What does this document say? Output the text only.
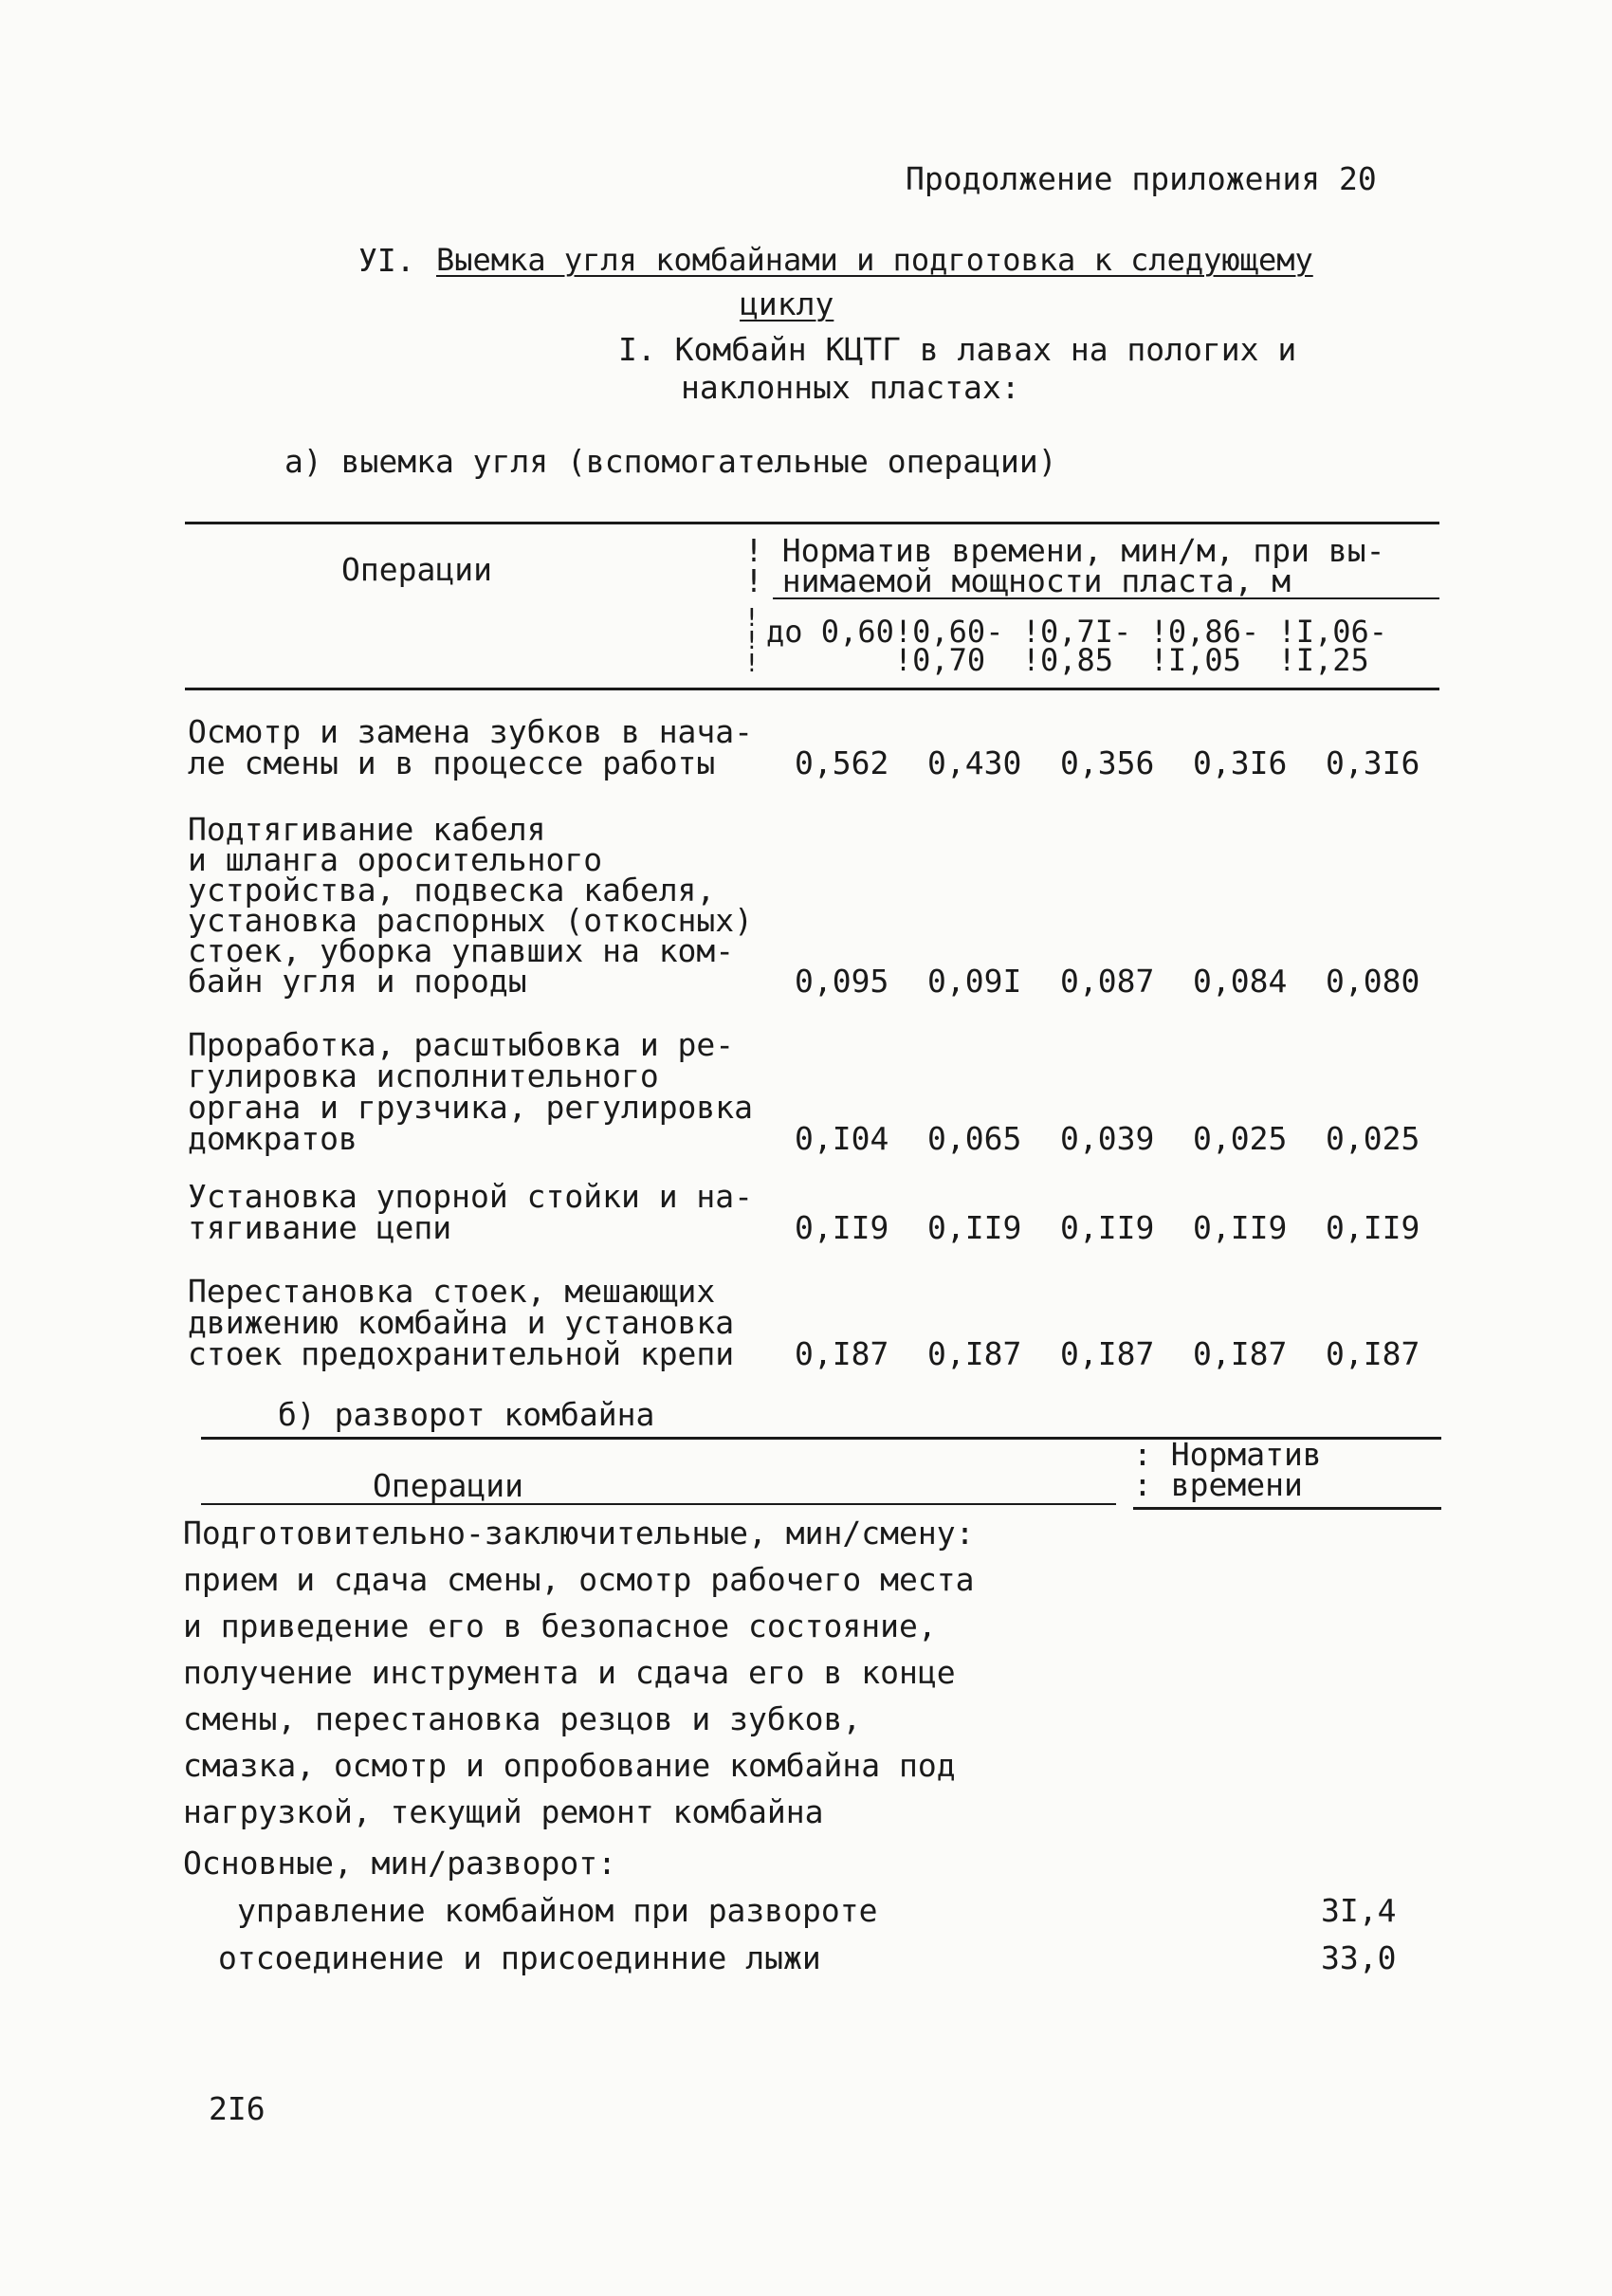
Продолжение приложения 20
УI. Выемка угля комбайнами и подготовка к следующему
циклу
I. Комбайн КЦТГ в лавах на пологих и
наклонных пластах:
а) выемка угля (вспомогательные операции)
Операции
! Норматив времени, мин/м, при вы-
! нимаемой мощности пласта, м
!
!
!
до 0,60!0,60- !0,7I- !0,86- !I,06-
!0,70  !0,85  !I,05  !I,25
Осмотр и замена зубков в нача-
ле смены и в процессе работы	0,562 0,430 0,356 0,3I6 0,3I6
Подтягивание кабеля
и шланга оросительного
устройства, подвеска кабеля,
установка распорных (откосных)
стоек, уборка упавших на ком-
байн угля и породы	0,095 0,09I 0,087 0,084 0,080
Проработка, расштыбовка и ре-
гулировка исполнительного
органа и грузчика, регулировка
домкратов	0,I04 0,065 0,039 0,025 0,025
Установка упорной стойки и на-
тягивание цепи	0,II9 0,II9 0,II9 0,II9 0,II9
Перестановка стоек, мешающих
движению комбайна и установка
стоек предохранительной крепи 0,I87 0,I87 0,I87 0,I87 0,I87
б) разворот комбайна
Операции
: Норматив
: времени
Подготовительно-заключительные, мин/смену:
прием и сдача смены, осмотр рабочего места
и приведение его в безопасное состояние,
получение инструмента и сдача его в конце
смены, перестановка резцов и зубков,
смазка, осмотр и опробование комбайна под
нагрузкой, текущий ремонт комбайна
Основные, мин/разворот:
управление комбайном при развороте	3I,4
отсоединение и присоединние лыжи	33,0
2I6
